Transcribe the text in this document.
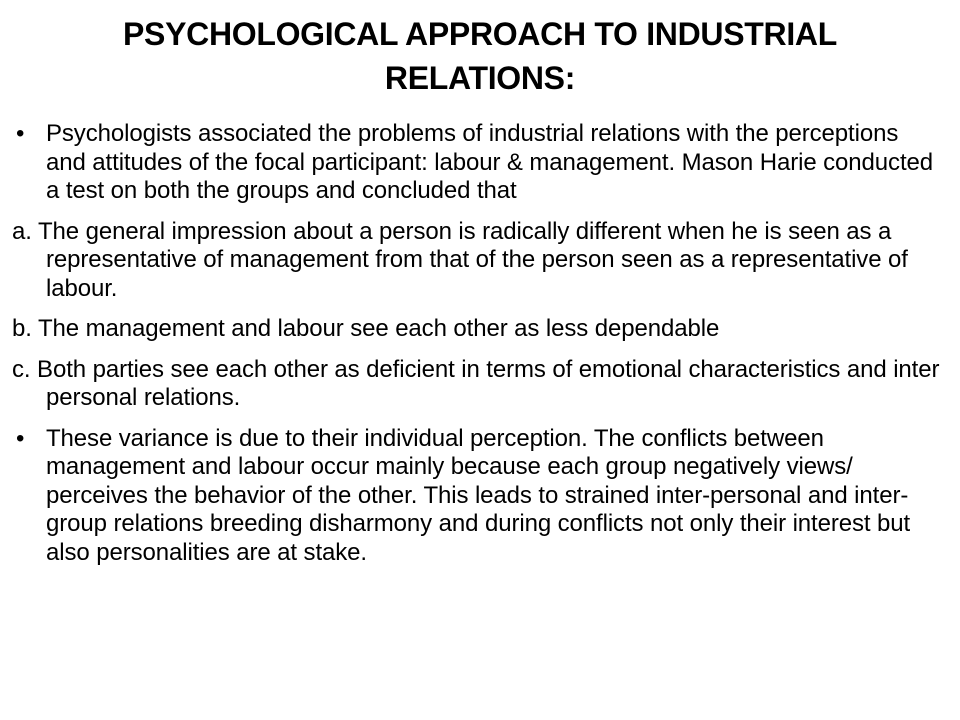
PSYCHOLOGICAL APPROACH TO INDUSTRIAL RELATIONS:
• Psychologists associated the problems of industrial relations with the perceptions and attitudes of the focal participant: labour & management. Mason Harie conducted a test on both the groups and concluded that
a. The general impression about a person is radically different when he is seen as a representative of management from that of the person seen as a representative of labour.
b. The management and labour see each other as less dependable
c. Both parties see each other as deficient in terms of emotional characteristics and inter personal relations.
• These variance is due to their individual perception. The conflicts between management and labour occur mainly because each group negatively views/ perceives the behavior of the other. This leads to strained inter-personal and inter-group relations breeding disharmony and during conflicts not only their interest but also personalities are at stake.
